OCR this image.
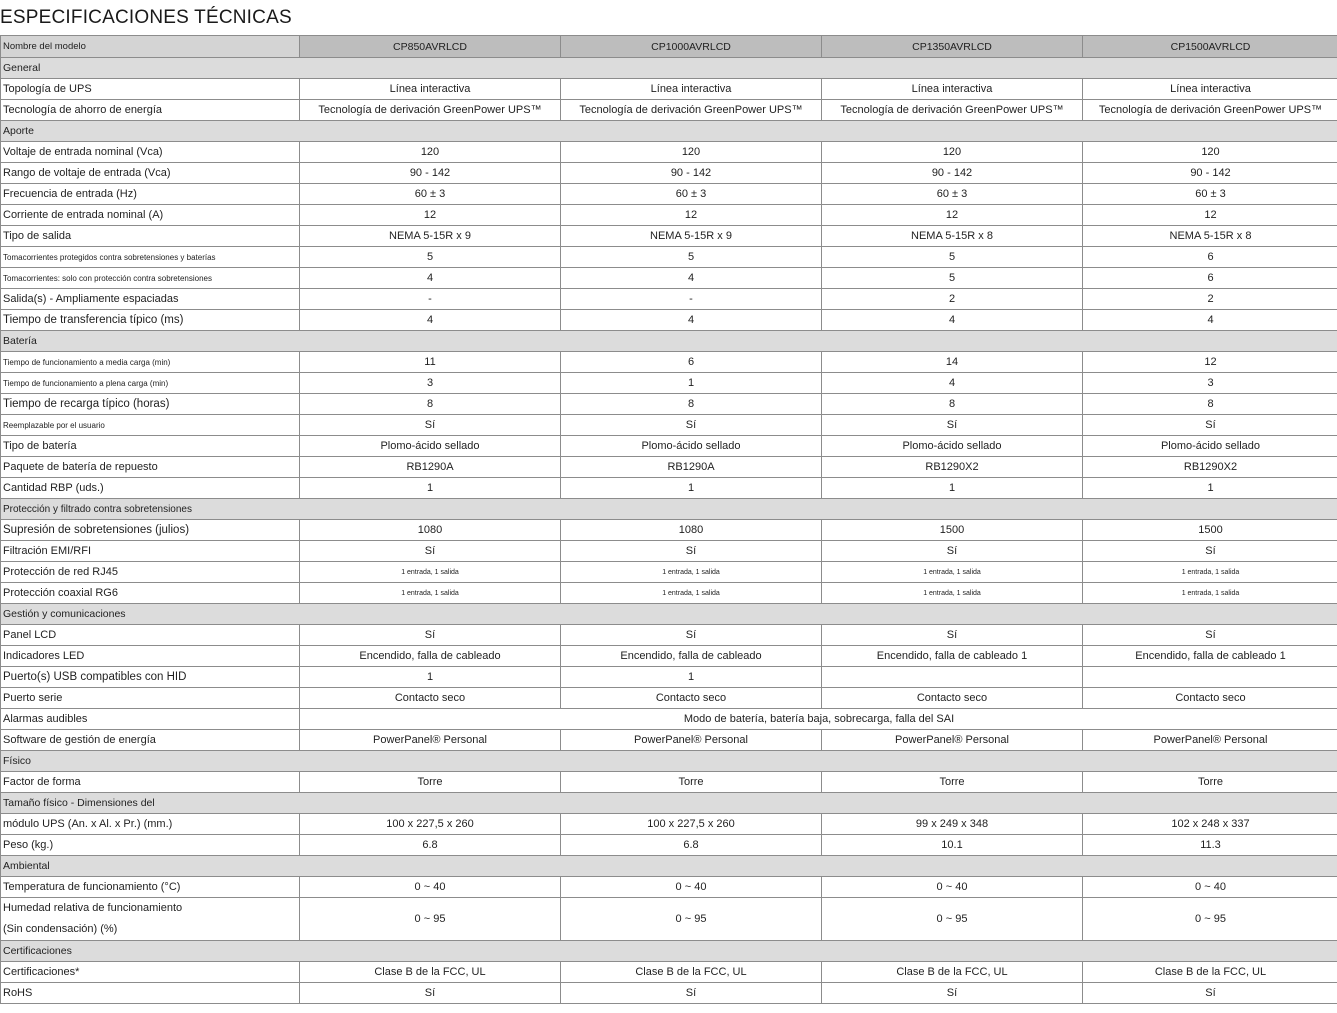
ESPECIFICACIONES TÉCNICAS
Nombre del modelo	CP850AVRLCD	CP1000AVRLCD	CP1350AVRLCD	CP1500AVRLCD
General				
Topología de UPS	Línea interactiva	Línea interactiva	Línea interactiva	Línea interactiva
Tecnología de ahorro de energía	Tecnología de derivación GreenPower UPS™	Tecnología de derivación GreenPower UPS™	Tecnología de derivación GreenPower UPS™	Tecnología de derivación GreenPower UPS™
Aporte				
Voltaje de entrada nominal (Vca)	120	120	120	120
Rango de voltaje de entrada (Vca)	90 - 142	90 - 142	90 - 142	90 - 142
Frecuencia de entrada (Hz)	60 ± 3	60 ± 3	60 ± 3	60 ± 3
Corriente de entrada nominal (A)	12	12	12	12
Tipo de salida	NEMA 5-15R x 9	NEMA 5-15R x 9	NEMA 5-15R x 8	NEMA 5-15R x 8
Tomacorrientes protegidos contra sobretensiones y baterías	5	5	5	6
Tomacorrientes: solo con protección contra sobretensiones	4	4	5	6
Salida(s) - Ampliamente espaciadas	-	-	2	2
Tiempo de transferencia típico (ms)	4	4	4	4
Batería				
Tiempo de funcionamiento a media carga (min)	11	6	14	12
Tiempo de funcionamiento a plena carga (min)	3	1	4	3
Tiempo de recarga típico (horas)	8	8	8	8
Reemplazable por el usuario	Sí	Sí	Sí	Sí
Tipo de batería	Plomo-ácido sellado	Plomo-ácido sellado	Plomo-ácido sellado	Plomo-ácido sellado
Paquete de batería de repuesto	RB1290A	RB1290A	RB1290X2	RB1290X2
Cantidad RBP (uds.)	1	1	1	1
Protección y filtrado contra sobretensiones				
Supresión de sobretensiones (julios)	1080	1080	1500	1500
Filtración EMI/RFI	Sí	Sí	Sí	Sí
Protección de red RJ45	1 entrada, 1 salida	1 entrada, 1 salida	1 entrada, 1 salida	1 entrada, 1 salida
Protección coaxial RG6	1 entrada, 1 salida	1 entrada, 1 salida	1 entrada, 1 salida	1 entrada, 1 salida
Gestión y comunicaciones				
Panel LCD	Sí	Sí	Sí	Sí
Indicadores LED	Encendido, falla de cableado	Encendido, falla de cableado	Encendido, falla de cableado 1	Encendido, falla de cableado 1
Puerto(s) USB compatibles con HID	1	1		
Puerto serie	Contacto seco	Contacto seco	Contacto seco	Contacto seco
Alarmas audibles	Modo de batería, batería baja, sobrecarga, falla del SAI			
Software de gestión de energía	PowerPanel® Personal	PowerPanel® Personal	PowerPanel® Personal	PowerPanel® Personal
Físico				
Factor de forma	Torre	Torre	Torre	Torre
Tamaño físico - Dimensiones del				
módulo UPS (An. x Al. x Pr.) (mm.)	100 x 227,5 x 260	100 x 227,5 x 260	99 x 249 x 348	102 x 248 x 337
Peso (kg.)	6.8	6.8	10.1	11.3
Ambiental				
Temperatura de funcionamiento (°C)	0 ~ 40	0 ~ 40	0 ~ 40	0 ~ 40

Humedad relativa de funcionamiento
(Sin condensación) (%)	0 ~ 95	0 ~ 95	0 ~ 95	0 ~ 95
Certificaciones				
Certificaciones*	Clase B de la FCC, UL	Clase B de la FCC, UL	Clase B de la FCC, UL	Clase B de la FCC, UL
RoHS	Sí	Sí	Sí	Sí
